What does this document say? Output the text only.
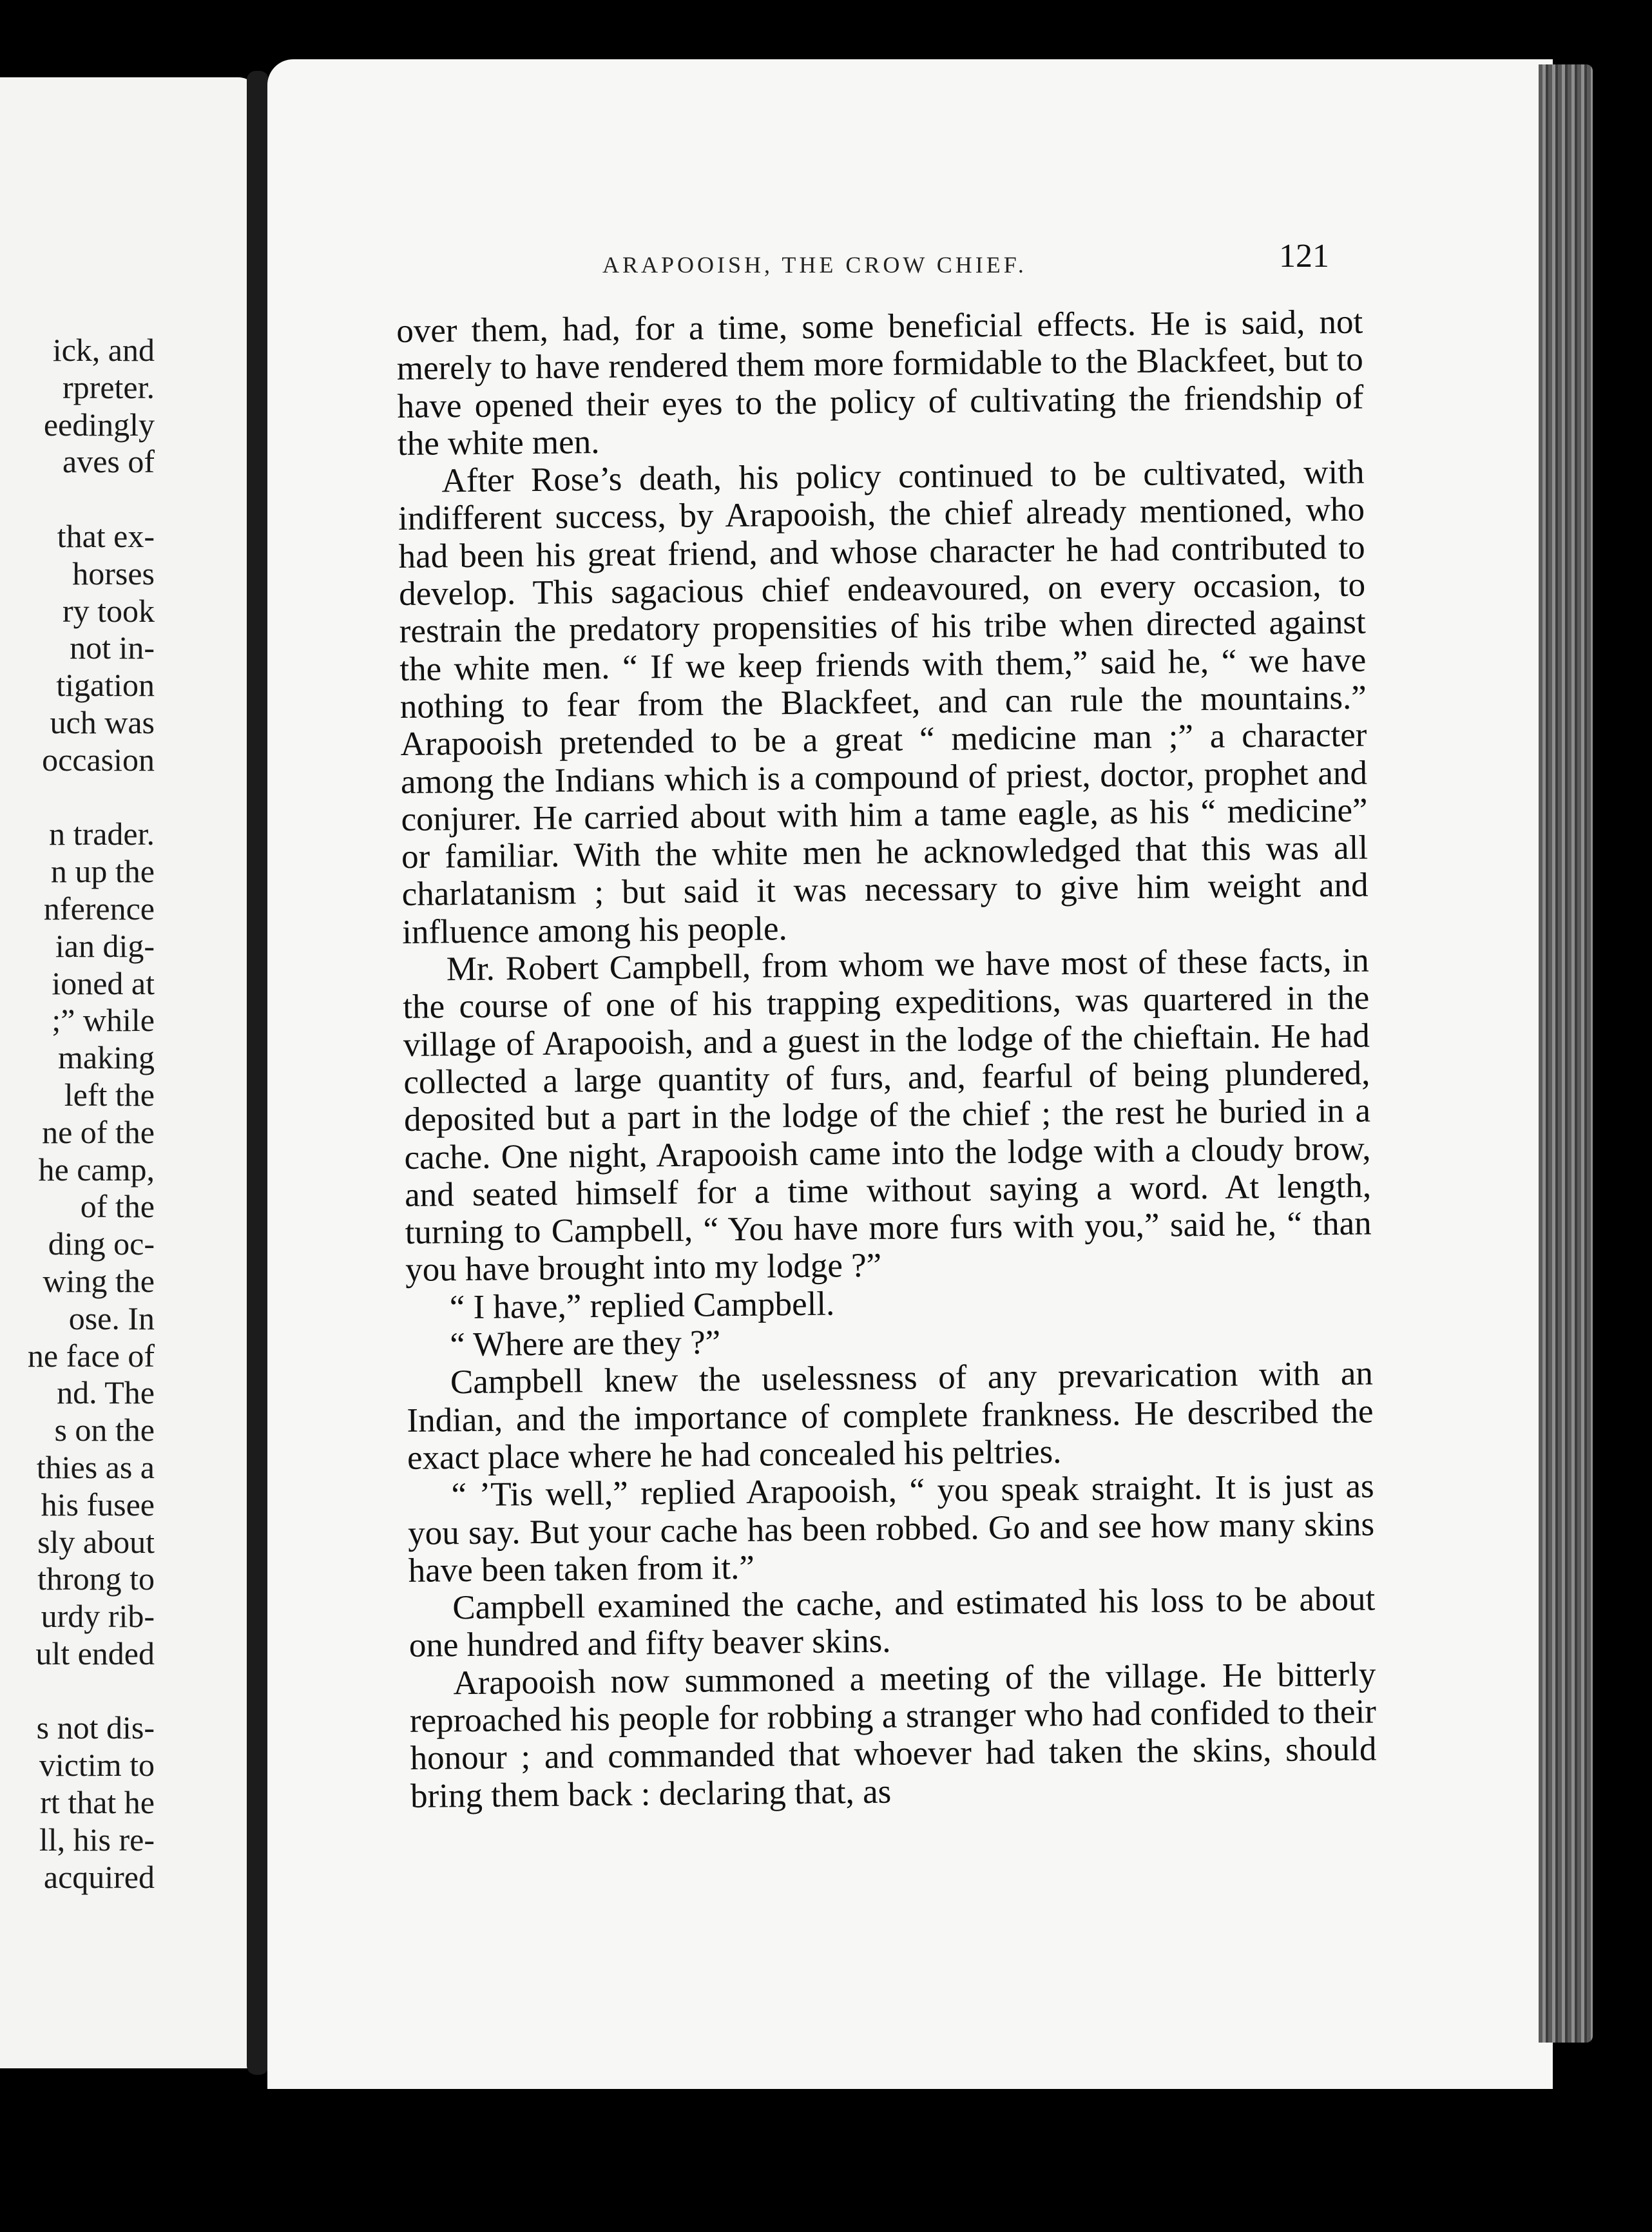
ick, and
rpreter.
eedingly
aves of
that ex-
horses
ry took
not in-
tigation
uch was
occasion
n trader.
n up the
nference
ian dig-
ioned at
;” while
making
left the
ne of the
he camp,
of the
ding oc-
wing the
ose. In
ne face of
nd. The
s on the
thies as a
his fusee
sly about
throng to
urdy rib-
ult ended
s not dis-
victim to
rt that he
ll, his re-
acquired
ARAPOOISH, THE CROW CHIEF.	121

over them, had, for a time, some beneficial effects. He is said, not merely to have rendered them more formidable to the Blackfeet, but to have opened their eyes to the policy of cultivating the friendship of the white men.

After Rose’s death, his policy continued to be cultivated, with indifferent success, by Arapooish, the chief already mentioned, who had been his great friend, and whose character he had contributed to develop. This sagacious chief endeavoured, on every occasion, to restrain the predatory propensities of his tribe when directed against the white men. “ If we keep friends with them,” said he, “ we have nothing to fear from the Blackfeet, and can rule the mountains.” Arapooish pretended to be a great “ medicine man ;” a character among the Indians which is a compound of priest, doctor, prophet and conjurer. He carried about with him a tame eagle, as his “ medicine” or familiar. With the white men he acknowledged that this was all charlatanism ; but said it was necessary to give him weight and influence among his people.

Mr. Robert Campbell, from whom we have most of these facts, in the course of one of his trapping expeditions, was quartered in the village of Arapooish, and a guest in the lodge of the chieftain. He had collected a large quantity of furs, and, fearful of being plundered, deposited but a part in the lodge of the chief ; the rest he buried in a cache. One night, Arapooish came into the lodge with a cloudy brow, and seated himself for a time without saying a word. At length, turning to Campbell, “ You have more furs with you,” said he, “ than you have brought into my lodge ?”

“ I have,” replied Campbell.

“ Where are they ?”

Campbell knew the uselessness of any prevarication with an Indian, and the importance of complete frankness. He described the exact place where he had concealed his peltries.

“ ’Tis well,” replied Arapooish, “ you speak straight. It is just as you say. But your cache has been robbed. Go and see how many skins have been taken from it.”

Campbell examined the cache, and estimated his loss to be about one hundred and fifty beaver skins.

Arapooish now summoned a meeting of the village. He bitterly reproached his people for robbing a stranger who had confided to their honour ; and commanded that whoever had taken the skins, should bring them back : declaring that, as
